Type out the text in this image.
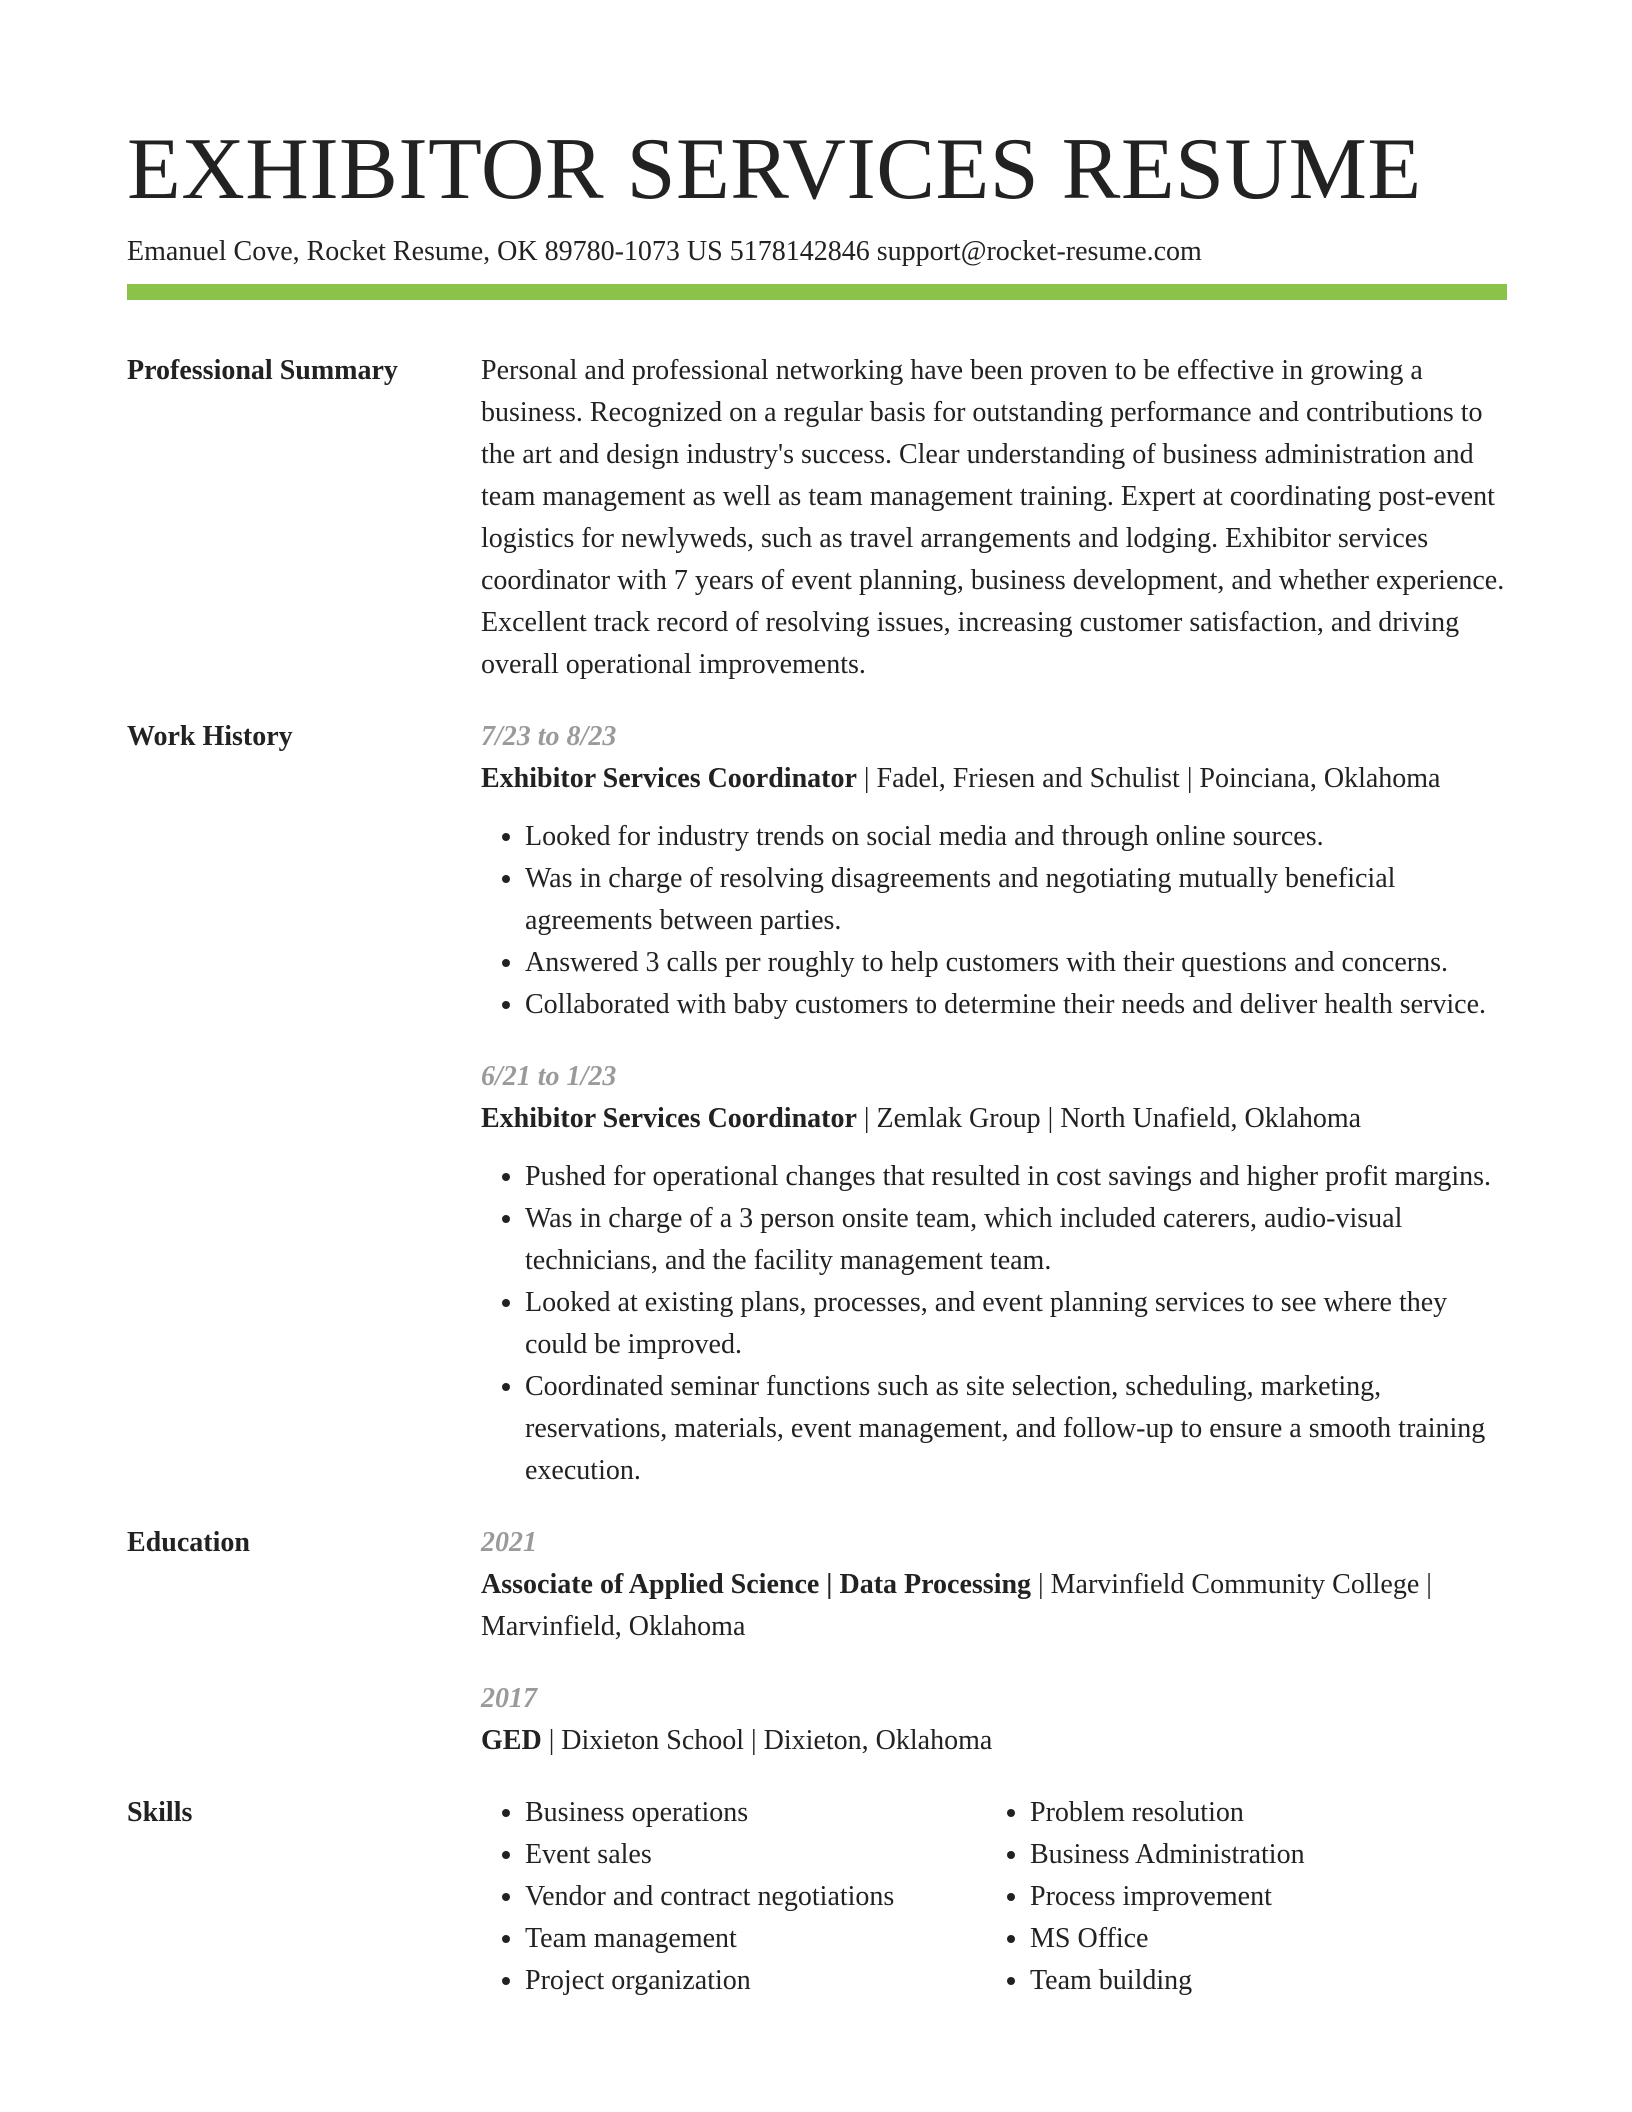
EXHIBITOR SERVICES RESUME
Emanuel Cove, Rocket Resume, OK 89780-1073 US 5178142846 support@rocket-resume.com
Professional Summary	Personal and professional networking have been proven to be effective in growing a business. Recognized on a regular basis for outstanding performance and contributions to the art and design industry's success. Clear understanding of business administration and team management as well as team management training. Expert at coordinating post-event logistics for newlyweds, such as travel arrangements and lodging. Exhibitor services coordinator with 7 years of event planning, business development, and whether experience. Excellent track record of resolving issues, increasing customer satisfaction, and driving overall operational improvements.

Work History	7/23 to 8/23
Exhibitor Services Coordinator | Fadel, Friesen and Schulist | Poinciana, Oklahoma
• Looked for industry trends on social media and through online sources.
• Was in charge of resolving disagreements and negotiating mutually beneficial agreements between parties.
• Answered 3 calls per roughly to help customers with their questions and concerns.
• Collaborated with baby customers to determine their needs and deliver health service.
6/21 to 1/23
Exhibitor Services Coordinator | Zemlak Group | North Unafield, Oklahoma
• Pushed for operational changes that resulted in cost savings and higher profit margins.
• Was in charge of a 3 person onsite team, which included caterers, audio-visual technicians, and the facility management team.
• Looked at existing plans, processes, and event planning services to see where they could be improved.
• Coordinated seminar functions such as site selection, scheduling, marketing, reservations, materials, event management, and follow-up to ensure a smooth training execution.
Education	2021
Associate of Applied Science | Data Processing | Marvinfield Community College | Marvinfield, Oklahoma
2017
GED | Dixieton School | Dixieton, Oklahoma
Skills
•	Business operations
• Event sales
• Vendor and contract negotiations
• Team management
• Project organization
• Problem resolution
• Business Administration
• Process improvement
• MS Office
• Team building
